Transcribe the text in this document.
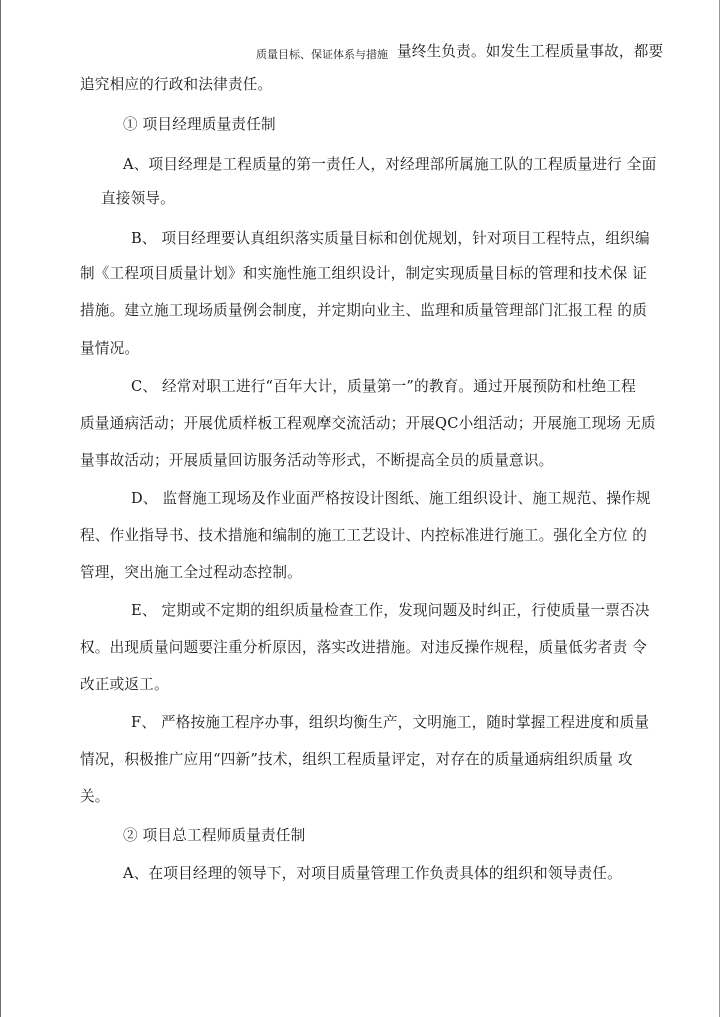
质量目标、保证体系与措施 量终生负责。如发生工程质量事故，都要
追究相应的行政和法律责任。
① 项目经理质量责任制
A、项目经理是工程质量的第一责任人，对经理部所属施工队的工程质量进行 全面
直接领导。
B、 项目经理要认真组织落实质量目标和创优规划，针对项目工程特点，组织编
制《工程项目质量计划》和实施性施工组织设计，制定实现质量目标的管理和技术保 证
措施。建立施工现场质量例会制度，并定期向业主、监理和质量管理部门汇报工程 的质
量情况。
C、 经常对职工进行“百年大计，质量第一”的教育。通过开展预防和杜绝工程
质量通病活动；开展优质样板工程观摩交流活动；开展QC小组活动；开展施工现场 无质
量事故活动；开展质量回访服务活动等形式，不断提高全员的质量意识。
D、 监督施工现场及作业面严格按设计图纸、施工组织设计、施工规范、操作规
程、作业指导书、技术措施和编制的施工工艺设计、内控标准进行施工。强化全方位 的
管理，突出施工全过程动态控制。
E、 定期或不定期的组织质量检查工作，发现问题及时纠正，行使质量一票否决
权。出现质量问题要注重分析原因，落实改进措施。对违反操作规程，质量低劣者责 令
改正或返工。
F、 严格按施工程序办事，组织均衡生产，文明施工，随时掌握工程进度和质量
情况，积极推广应用“四新”技术，组织工程质量评定，对存在的质量通病组织质量 攻
关。
② 项目总工程师质量责任制
A、在项目经理的领导下，对项目质量管理工作负责具体的组织和领导责任。
